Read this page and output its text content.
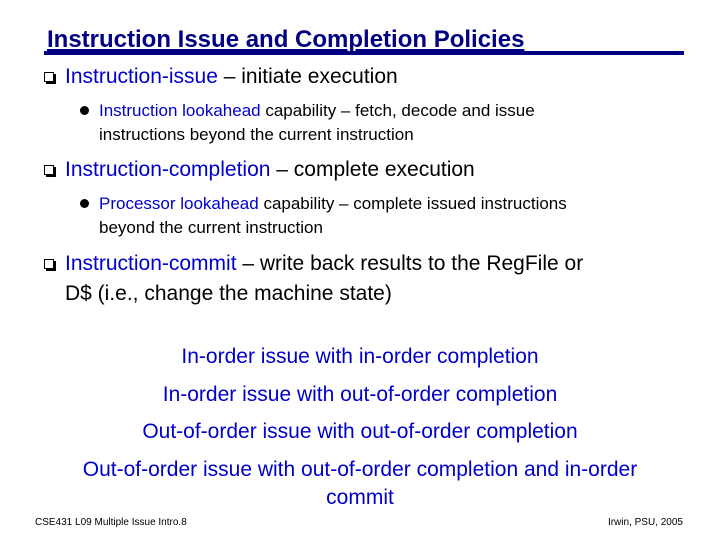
Instruction Issue and Completion Policies
Instruction-issue – initiate execution
Instruction lookahead capability – fetch, decode and issue
instructions beyond the current instruction
Instruction-completion – complete execution
Processor lookahead capability – complete issued instructions
beyond the current instruction
Instruction-commit – write back results to the RegFile or
D$ (i.e., change the machine state)
In-order issue with in-order completion
In-order issue with out-of-order completion
Out-of-order issue with out-of-order completion
Out-of-order issue with out-of-order completion and in-order
commit
CSE431 L09 Multiple Issue Intro.8	Irwin, PSU, 2005
